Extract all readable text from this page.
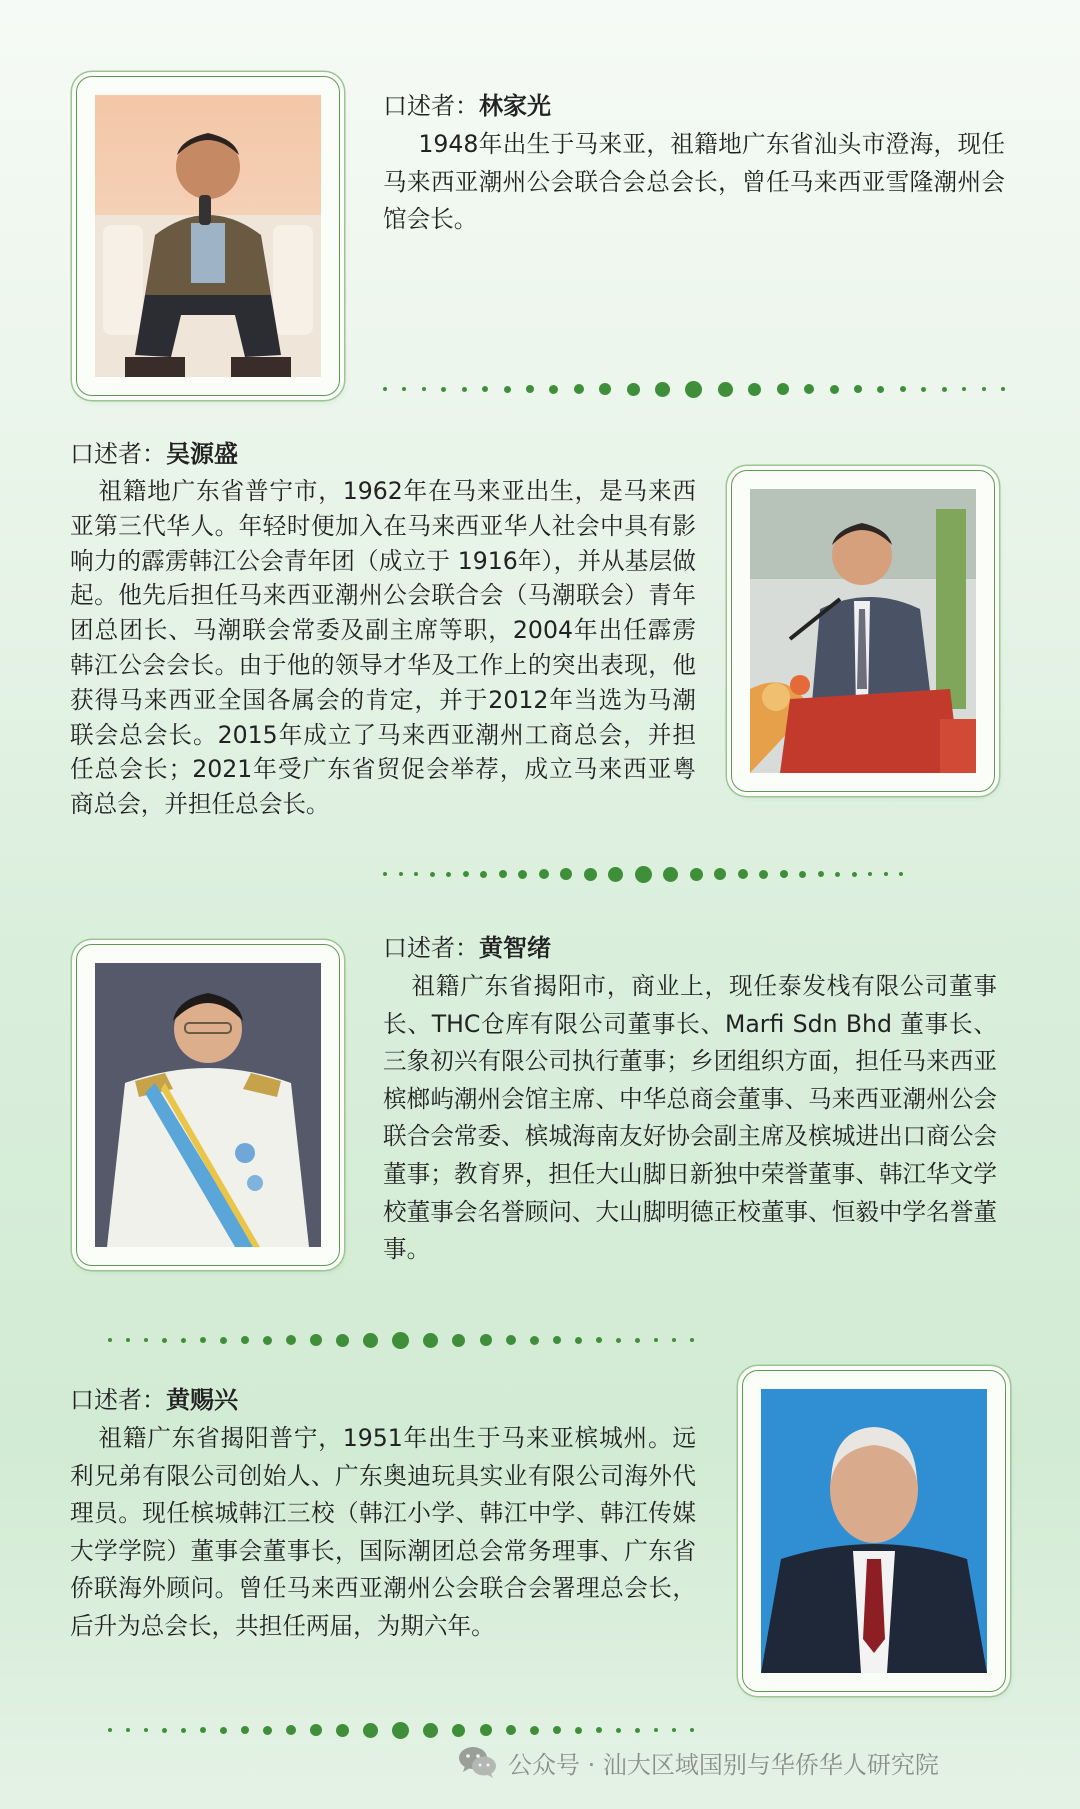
口述者：林家光

1948年出生于马来亚，祖籍地广东省汕头市澄海，现任马来西亚潮州公会联合会总会长，曾任马来西亚雪隆潮州会馆会长。

口述者：吴源盛

祖籍地广东省普宁市，1962年在马来亚出生，是马来西亚第三代华人。年轻时便加入在马来西亚华人社会中具有影响力的霹雳韩江公会青年团（成立于 1916年），并从基层做起。他先后担任马来西亚潮州公会联合会（马潮联会）青年团总团长、马潮联会常委及副主席等职，2004年出任霹雳韩江公会会长。由于他的领导才华及工作上的突出表现，他获得马来西亚全国各属会的肯定，并于2012年当选为马潮联会总会长。2015年成立了马来西亚潮州工商总会，并担任总会长；2021年受广东省贸促会举荐，成立马来西亚粤商总会，并担任总会长。

口述者：黄智绪

祖籍广东省揭阳市，商业上，现任泰发栈有限公司董事长、THC仓库有限公司董事长、Marfi Sdn Bhd 董事长、三象初兴有限公司执行董事；乡团组织方面，担任马来西亚槟榔屿潮州会馆主席、中华总商会董事、马来西亚潮州公会联合会常委、槟城海南友好协会副主席及槟城进出口商公会董事；教育界，担任大山脚日新独中荣誉董事、韩江华文学校董事会名誉顾问、大山脚明德正校董事、恒毅中学名誉董事。

口述者：黄赐兴

祖籍广东省揭阳普宁，1951年出生于马来亚槟城州。远利兄弟有限公司创始人、广东奥迪玩具实业有限公司海外代理员。现任槟城韩江三校（韩江小学、韩江中学、韩江传媒大学学院）董事会董事长，国际潮团总会常务理事、广东省侨联海外顾问。曾任马来西亚潮州公会联合会署理总会长，后升为总会长，共担任两届，为期六年。

公众号 · 汕大区域国别与华侨华人研究院
